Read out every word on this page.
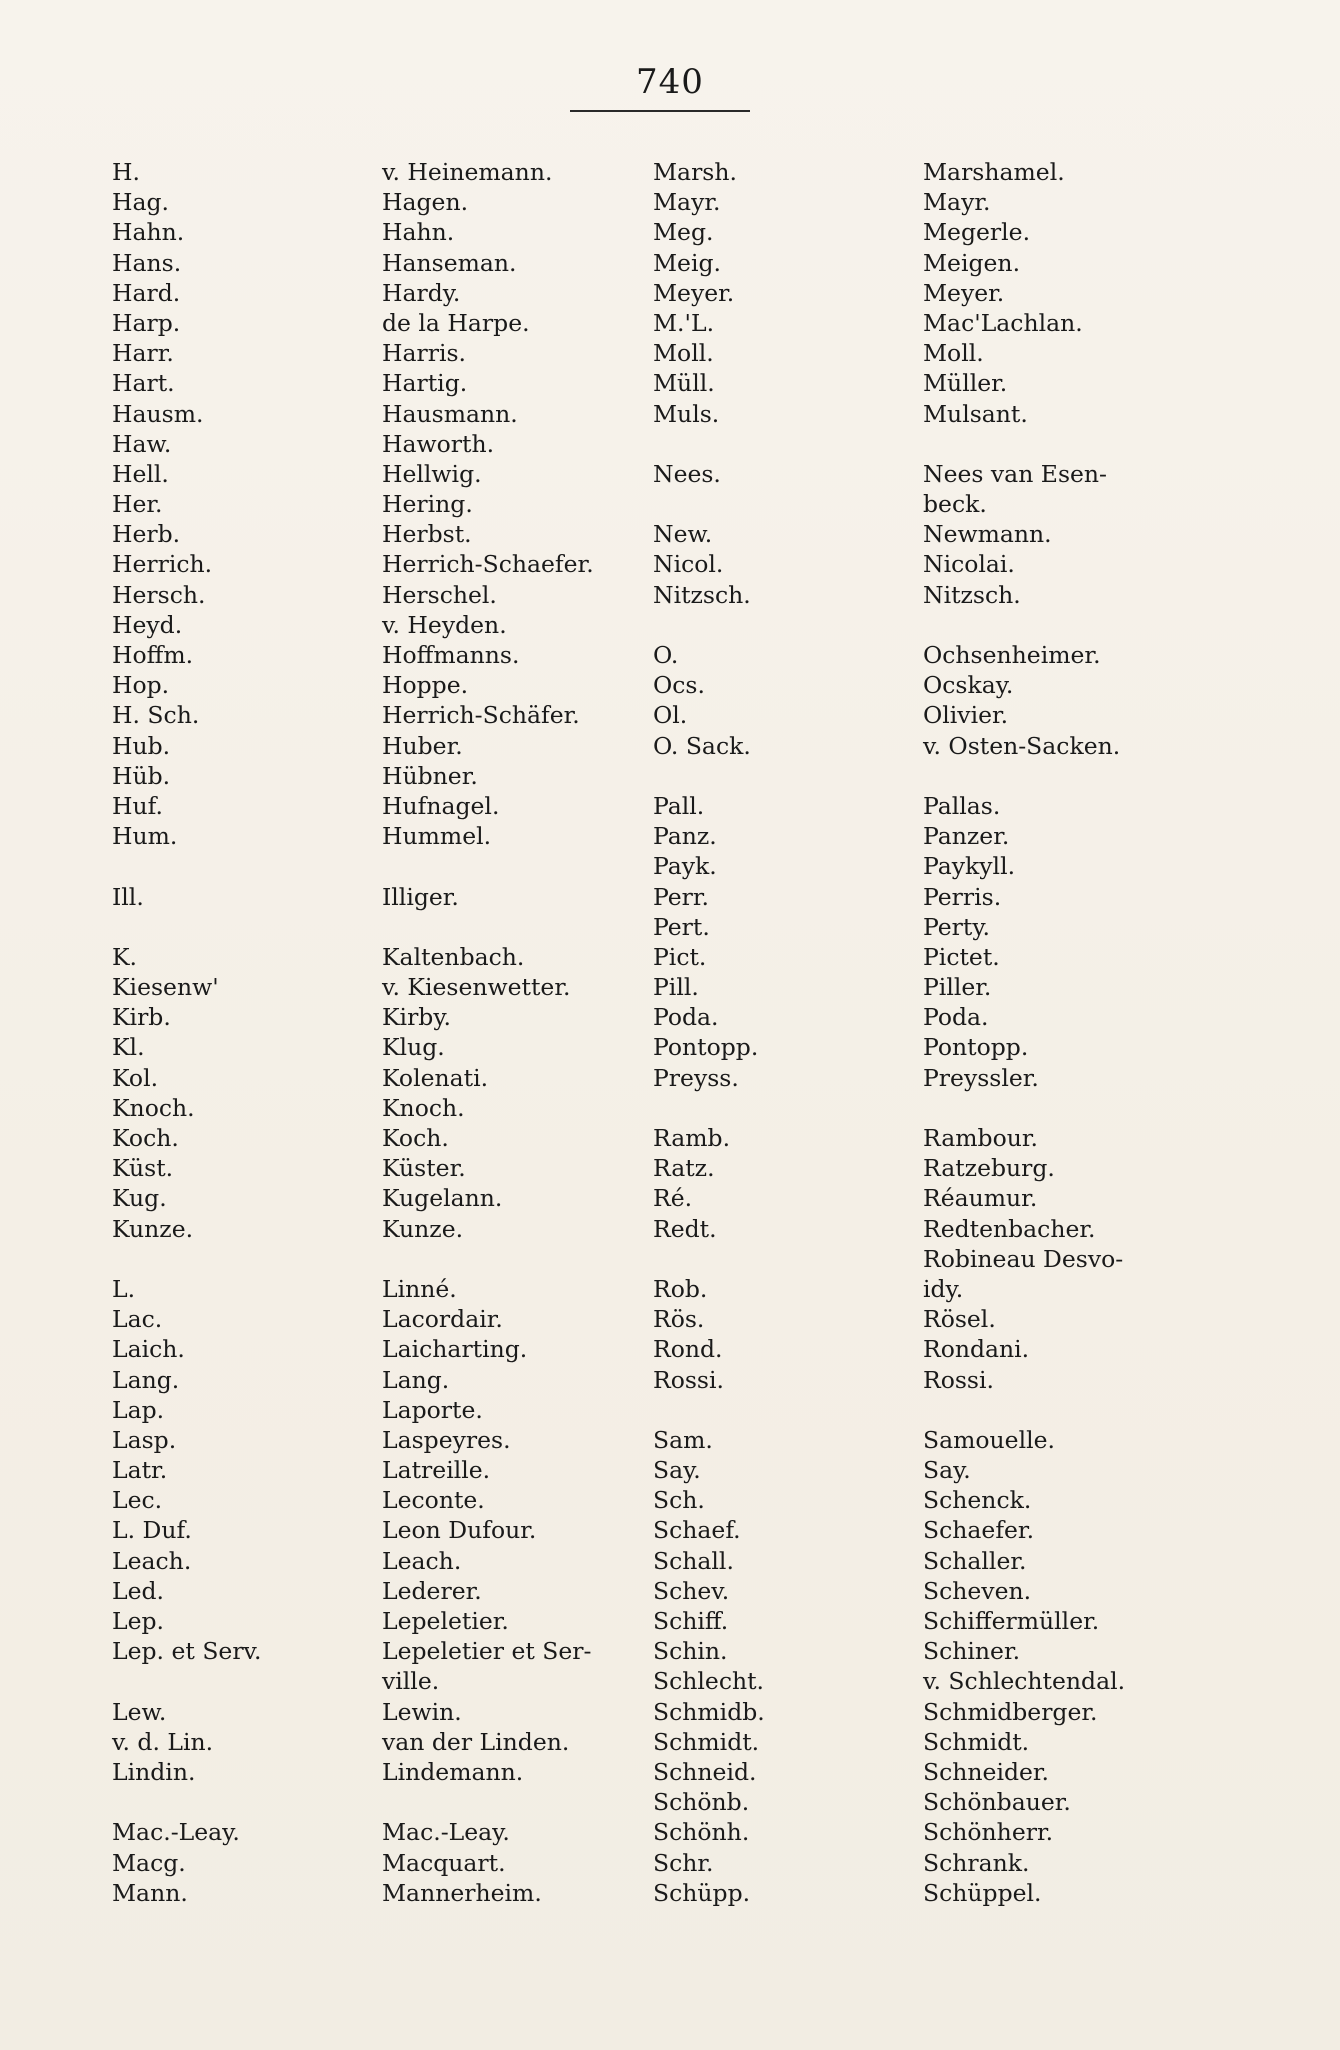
740
H.
Hag.
Hahn.
Hans.
Hard.
Harp.
Harr.
Hart.
Hausm.
Haw.
Hell.
Her.
Herb.
Herrich.
Hersch.
Heyd.
Hoffm.
Hop.
H. Sch.
Hub.
Hüb.
Huf.
Hum.
Ill.
K.
Kiesenw'
Kirb.
Kl.
Kol.
Knoch.
Koch.
Küst.
Kug.
Kunze.
L.
Lac.
Laich.
Lang.
Lap.
Lasp.
Latr.
Lec.
L. Duf.
Leach.
Led.
Lep.
Lep. et Serv.
Lew.
v. d. Lin.
Lindin.
Mac.-Leay.
Macg.
Mann.
v. Heinemann.
Hagen.
Hahn.
Hanseman.
Hardy.
de la Harpe.
Harris.
Hartig.
Hausmann.
Haworth.
Hellwig.
Hering.
Herbst.
Herrich-Schaefer.
Herschel.
v. Heyden.
Hoffmanns.
Hoppe.
Herrich-Schäfer.
Huber.
Hübner.
Hufnagel.
Hummel.
Illiger.
Kaltenbach.
v. Kiesenwetter.
Kirby.
Klug.
Kolenati.
Knoch.
Koch.
Küster.
Kugelann.
Kunze.
Linné.
Lacordair.
Laicharting.
Lang.
Laporte.
Laspeyres.
Latreille.
Leconte.
Leon Dufour.
Leach.
Lederer.
Lepeletier.
Lepeletier et Ser-
ville.
Lewin.
van der Linden.
Lindemann.
Mac.-Leay.
Macquart.
Mannerheim.
Marsh.
Mayr.
Meg.
Meig.
Meyer.
M.'L.
Moll.
Müll.
Muls.
Nees.
New.
Nicol.
Nitzsch.
O.
Ocs.
Ol.
O. Sack.
Pall.
Panz.
Payk.
Perr.
Pert.
Pict.
Pill.
Poda.
Pontopp.
Preyss.
Ramb.
Ratz.
Ré.
Redt.
Rob.
Rös.
Rond.
Rossi.
Sam.
Say.
Sch.
Schaef.
Schall.
Schev.
Schiff.
Schin.
Schlecht.
Schmidb.
Schmidt.
Schneid.
Schönb.
Schönh.
Schr.
Schüpp.
Marshamel.
Mayr.
Megerle.
Meigen.
Meyer.
Mac'Lachlan.
Moll.
Müller.
Mulsant.
Nees van Esen-
beck.
Newmann.
Nicolai.
Nitzsch.
Ochsenheimer.
Ocskay.
Olivier.
v. Osten-Sacken.
Pallas.
Panzer.
Paykyll.
Perris.
Perty.
Pictet.
Piller.
Poda.
Pontopp.
Preyssler.
Rambour.
Ratzeburg.
Réaumur.
Redtenbacher.
Robineau Desvo-
idy.
Rösel.
Rondani.
Rossi.
Samouelle.
Say.
Schenck.
Schaefer.
Schaller.
Scheven.
Schiffermüller.
Schiner.
v. Schlechtendal.
Schmidberger.
Schmidt.
Schneider.
Schönbauer.
Schönherr.
Schrank.
Schüppel.
